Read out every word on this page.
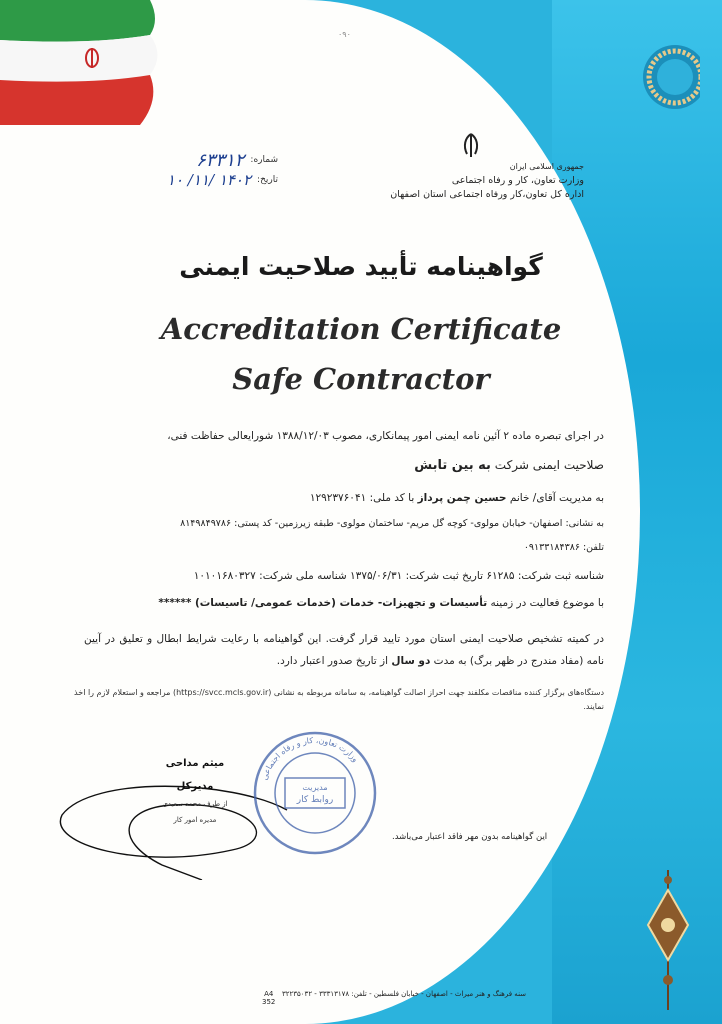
۰۹۰
جمهوری اسلامی ایران
وزارت تعاون، کار و رفاه اجتماعی
اداره کل تعاون،کار ورفاه اجتماعی استان اصفهان
شماره:
۶۳۳۱۲
تاریخ:
۱۴۰۲ /۱۱/ ۱۰
گواهینامه تأیید صلاحیت ایمنی
Accreditation Certificate
Safe Contractor
در اجرای تبصره ماده ۲ آئین نامه ایمنی امور پیمانکاری، مصوب ۱۳۸۸/۱۲/۰۳ شورایعالی حفاظت فنی،
صلاحیت ایمنی شرکت به بین تابش
به مدیریت آقای/ خانم حسین چمن پرداز با کد ملی: ۱۲۹۲۳۷۶۰۴۱
به نشانی: اصفهان- خیابان مولوی- کوچه گل مریم- ساختمان مولوی- طبقه زیرزمین- کد پستی: ۸۱۴۹۸۴۹۷۸۶
تلفن: ۰۹۱۳۳۱۸۴۳۸۶
شناسه ثبت شرکت: ۶۱۲۸۵ تاریخ ثبت شرکت: ۱۳۷۵/۰۶/۳۱ شناسه ملی شرکت: ۱۰۱۰۱۶۸۰۳۲۷
با موضوع فعالیت در زمینه تأسیسات و تجهیزات- خدمات (خدمات عمومی/ تاسیسات) ******
در کمیته تشخیص صلاحیت ایمنی استان مورد تایید قرار گرفت. این گواهینامه با رعایت شرایط ابطال و تعلیق در آیین نامه (مفاد مندرج در ظهر برگ) به مدت دو سال از تاریخ صدور اعتبار دارد.
دستگاه‌های برگزار کننده مناقصات مکلفند جهت احراز اصالت گواهینامه، به سامانه مربوطه به نشانی (https://svcc.mcls.gov.ir) مراجعه و استعلام لازم را اخذ نمایند.
میثم مداحی
مدیرکل
از طرف محمد سعیدی
مدیره امور کار
وزارت تعاون، کار و رفاه اجتماعی
مدیریت
روابط کار
این گواهینامه بدون مهر فاقد اعتبار می‌باشد.
سنه فرهنگ و هنر میراث - اصفهان - خیابان فلسطین - تلفن: ۳۳۳۱۳۱۷۸ - ۳۲۲۳۵۰۳۲
A4
352
